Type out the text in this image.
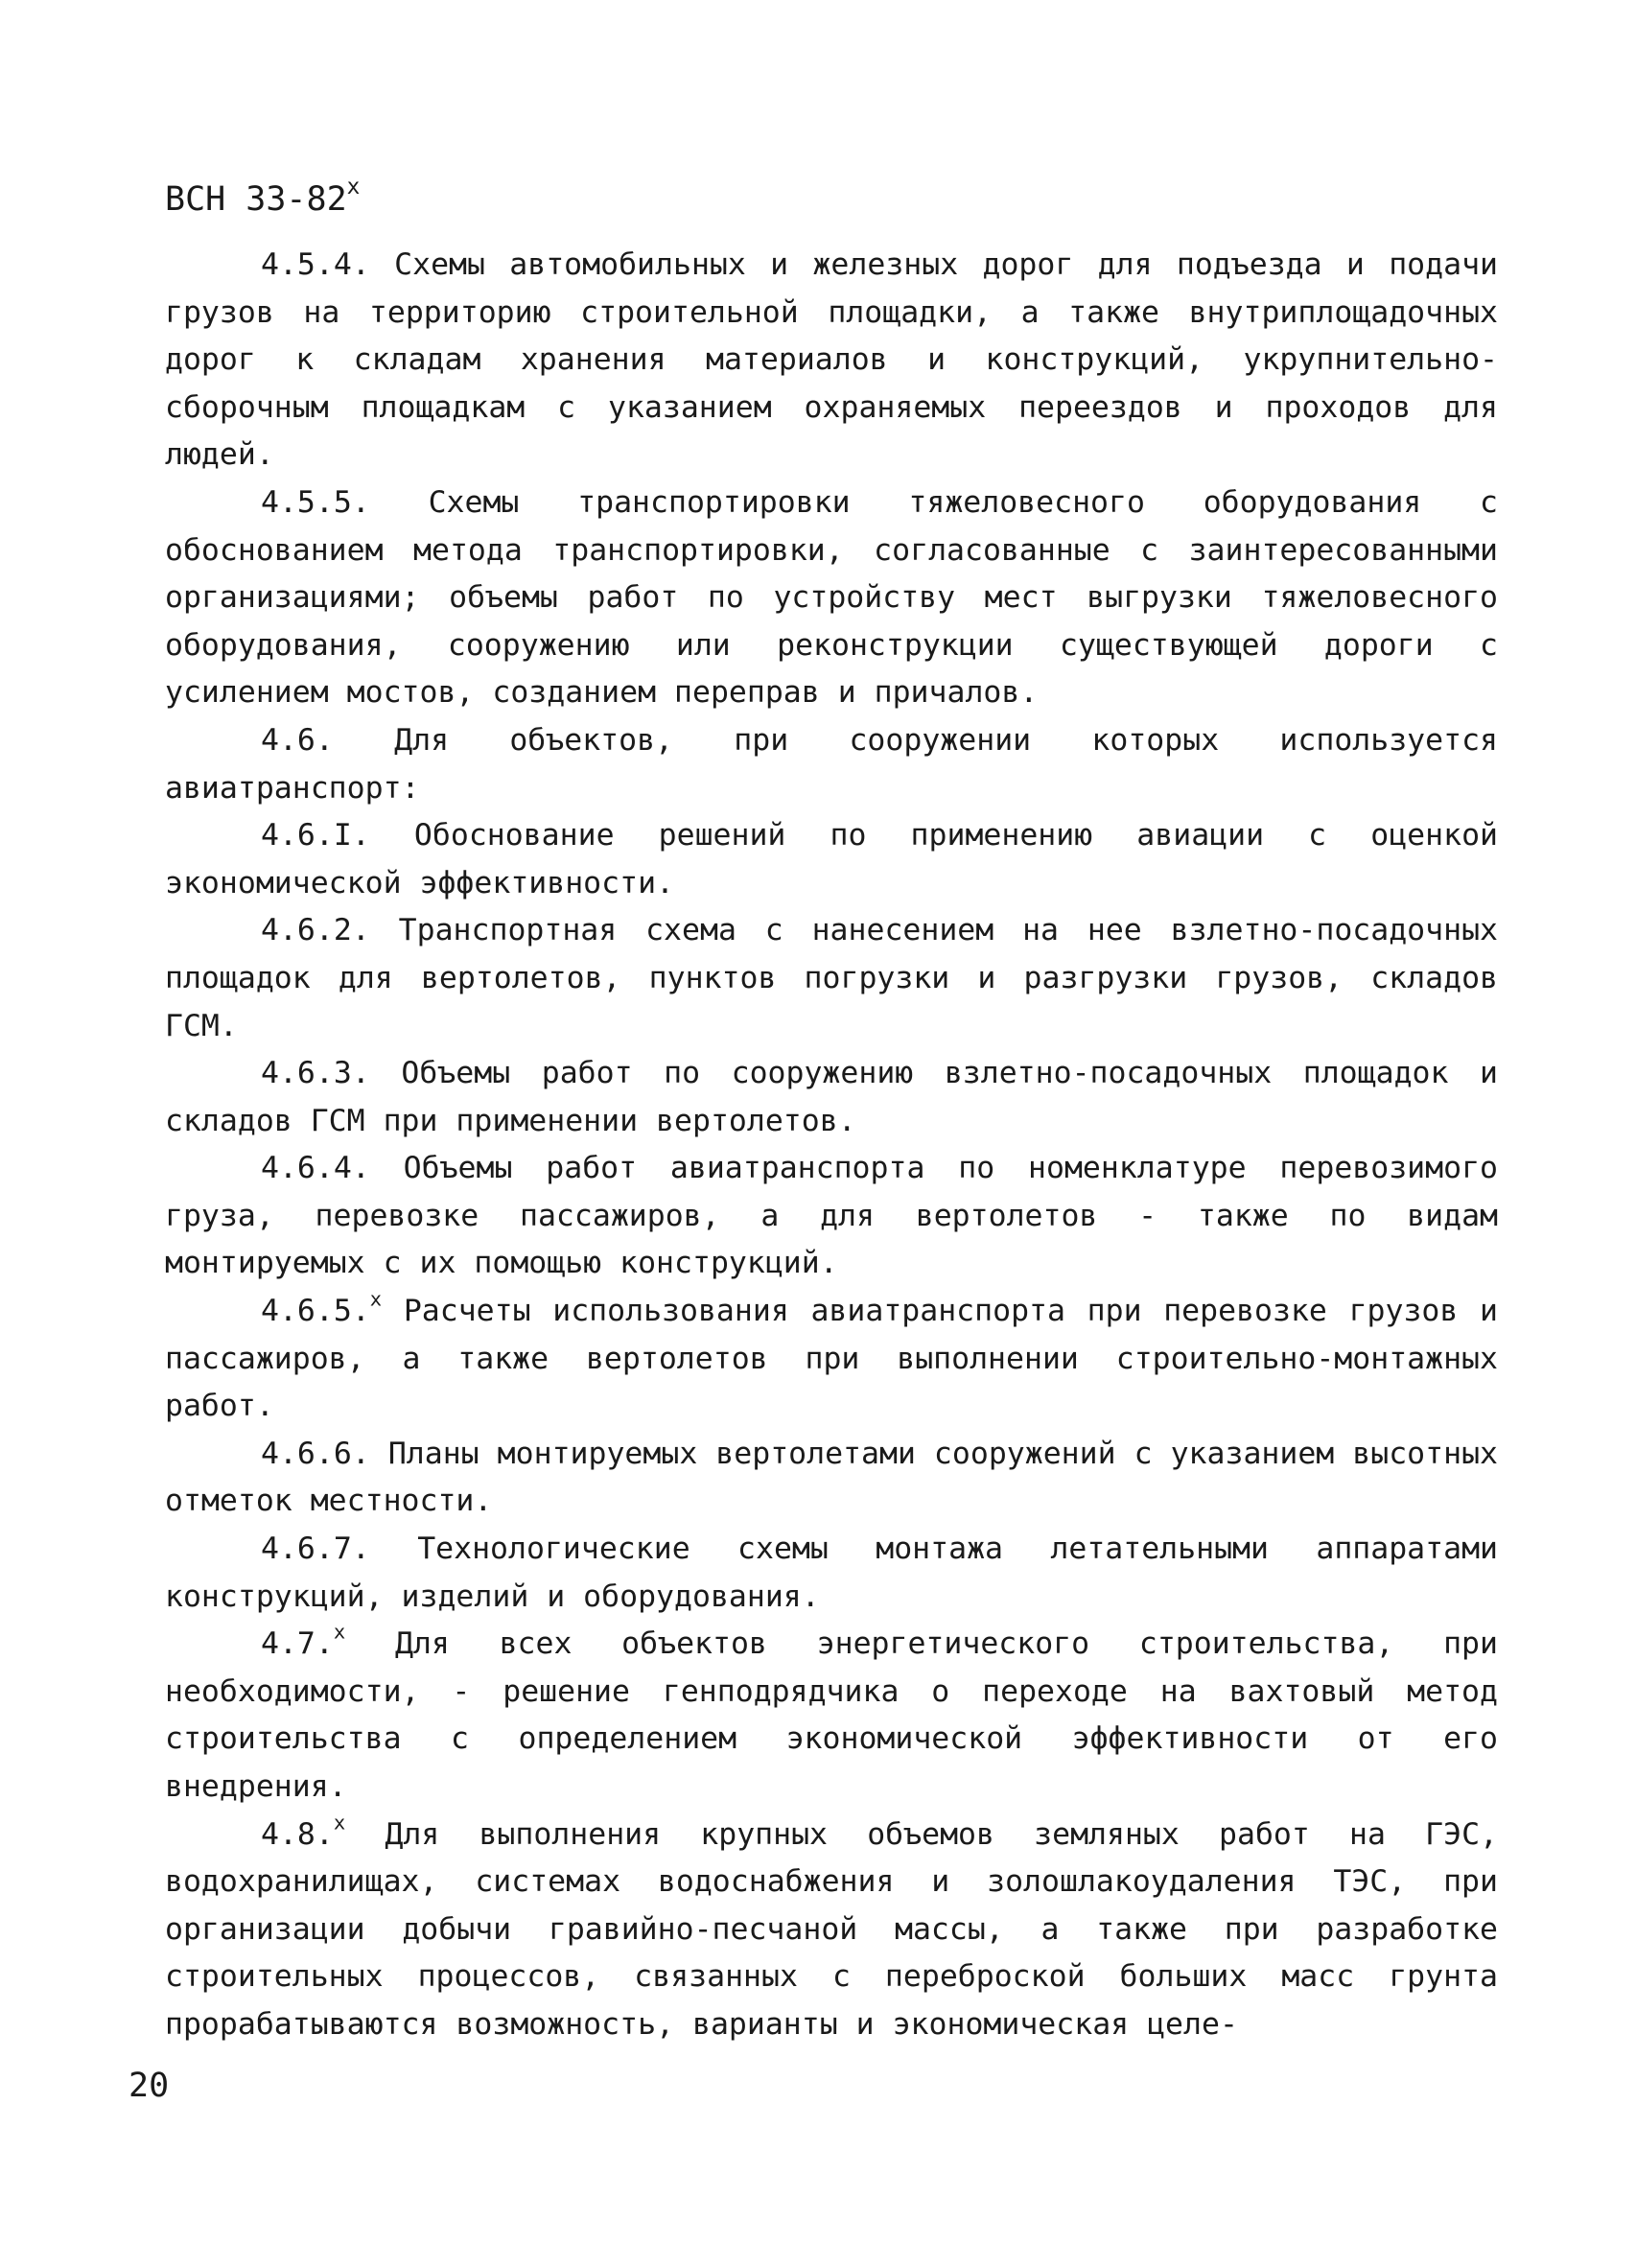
ВСН $33-82^х$

4.5.4. Схемы автомобильных и железных дорог для подъезда и подачи грузов на территорию строительной площадки, а также внутриплощадочных дорог к складам хранения материалов и конструкций, укрупнительно-сборочным площадкам с указанием охраняемых переездов и проходов для людей.

4.5.5. Схемы транспортировки тяжеловесного оборудования с обоснованием метода транспортировки, согласованные с заинтересованными организациями; объемы работ по устройству мест выгрузки тяжеловесного оборудования, сооружению или реконструкции существующей дороги с усилением мостов, созданием переправ и причалов.

4.6. Для объектов, при сооружении которых используется авиатранспорт:

4.6.I. Обоснование решений по применению авиации с оценкой экономической эффективности.

4.6.2. Транспортная схема с нанесением на нее взлетно-посадочных площадок для вертолетов, пунктов погрузки и разгрузки грузов, складов ГСМ.

4.6.3. Объемы работ по сооружению взлетно-посадочных площадок и складов ГСМ при применении вертолетов.

4.6.4. Объемы работ авиатранспорта по номенклатуре перевозимого груза, перевозке пассажиров, а для вертолетов - также по видам монтируемых с их помощью конструкций.

4.6.5.$^х$ Расчеты использования авиатранспорта при перевозке грузов и пассажиров, а также вертолетов при выполнении строительно-монтажных работ.

4.6.6. Планы монтируемых вертолетами сооружений с указанием высотных отметок местности.

4.6.7. Технологические схемы монтажа летательными аппаратами конструкций, изделий и оборудования.

4.7.$^х$ Для всех объектов энергетического строительства, при необходимости, - решение генподрядчика о переходе на вахтовый метод строительства с определением экономической эффективности от его внедрения.

4.8.$^х$ Для выполнения крупных объемов земляных работ на ГЭС, водохранилищах, системах водоснабжения и золошлакоудаления ТЭС, при организации добычи гравийно-песчаной массы, а также при разработке строительных процессов, связанных с переброской больших масс грунта прорабатываются возможность, варианты и экономическая целе-

20
